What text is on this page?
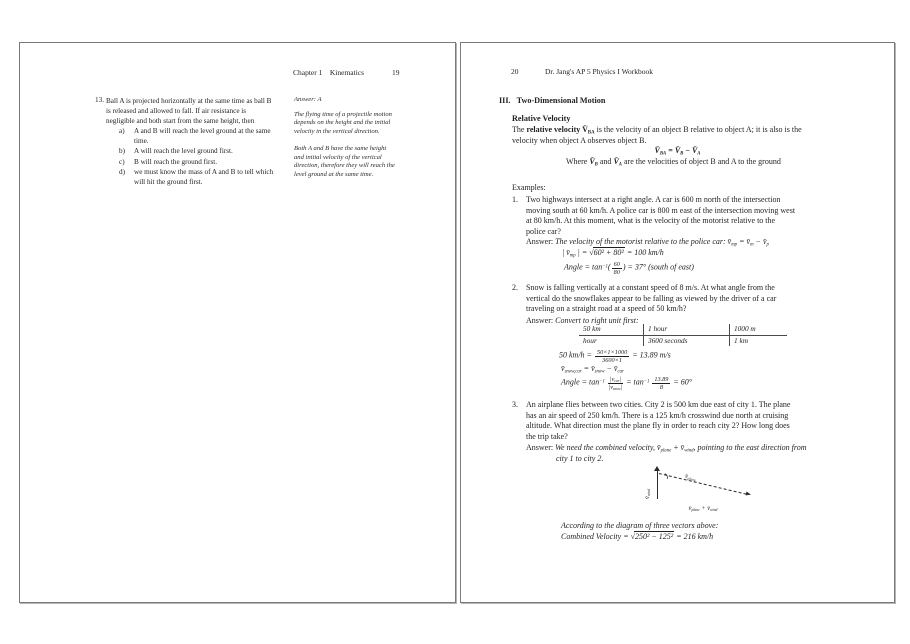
Chapter 1    Kinematics	19
13. Ball A is projected horizontally at the same time as ball B
is released and allowed to fall. If air resistance is
negligible and both start from the same height, then
a) A and B will reach the level ground at the same
time.
b) A will reach the level ground first.
c) B will reach the ground first.
d) we must know the mass of A and B to tell which
will hit the ground first.
Answer: A
The flying time of a projectile motion
depends on the height and the initial
velocity in the vertical direction.
Both A and B have the same height
and initial velocity of the vertical
direction, therefore they will reach the
level ground at the same time.
20	Dr. Jang's AP 5 Physics I Workbook
III.   Two-Dimensional Motion
Relative Velocity
The relative velocity $V̄_{BA}$ is the velocity of an object B relative to object A; it is also is the
velocity when object A observes object B.
$V̄_{BA}$ = $V̄_B$ − $V̄_A$
Where $V̄_B$ and $V̄_A$ are the velocities of object B and A to the ground
Examples:
1. Two highways intersect at a right angle. A car is 600 m north of the intersection
moving south at 60 km/h. A police car is 800 m east of the intersection moving west
at 80 km/h. At this moment, what is the velocity of the motorist relative to the
police car?
Answer: The velocity of the motorist relative to the police car: $v̄_{mp}$ = $v̄_m$ − $v̄_p$
| $v̄_{mp}$ | = √60² + 80² = 100 km/h
Angle = $\tan^{-1}( \frac{60}{80}$ ) = 37° (south of east)
2. Snow is falling vertically at a constant speed of 8 m/s. At what angle from the
vertical do the snowflakes appear to be falling as viewed by the driver of a car
traveling on a straight road at a speed of 50 km/h?
Answer: Convert to right unit first:
50 km	1 hour	1000 m
hour	3600 seconds	1 km
50 $km/h = \frac{50\times 1\times 1000}{3600\times 1} = 13.89$ m/s
$v̄_{snow,car}$ = $v̄_{snow}$ − $v̄_{car}$
Angle = $\tan^{-1} \frac{|v_{car}|}{|v_{snow}|} = \tan^{-1} \frac{13.89}{8} = 60^\circ$
3. An airplane flies between two cities. City 2 is 500 km due east of city 1. The plane
has an air speed of 250 km/h. There is a 125 km/h crosswind due north at cruising
altitude. What direction must the plane fly in order to reach city 2? How long does
the trip take?
Answer: We need the combined velocity, $v̄_{plane}$ + $v̄_{wind}$, pointing to the east direction from
city 1 to city 2.
$v̄_{wind}$
$v̄_{plane}$
$v̄_{plane}$ + $v̄_{wind}$
According to the diagram of three vectors above:
Combined Velocity = √250² − 125² = 216 km/h
